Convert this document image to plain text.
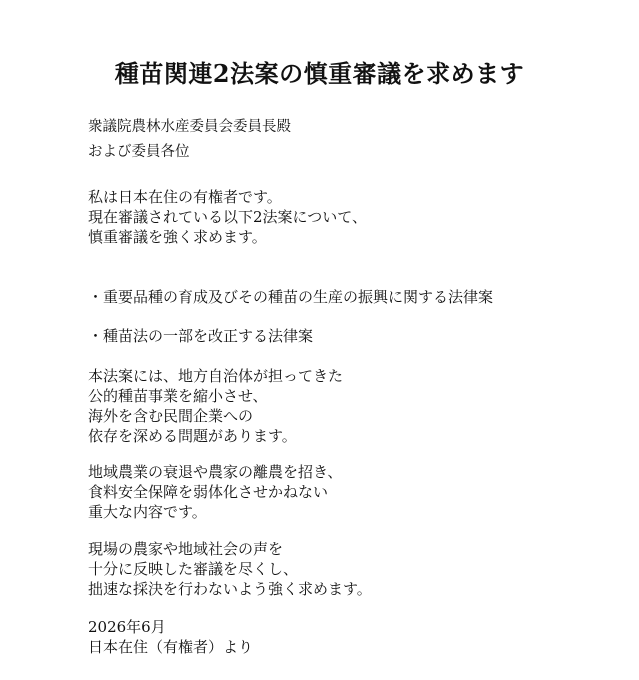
種苗関連2法案の慎重審議を求めます
衆議院農林水産委員会委員長殿
および委員各位
私は日本在住の有権者です。
現在審議されている以下2法案について、
慎重審議を強く求めます。
・重要品種の育成及びその種苗の生産の振興に関する法律案
・種苗法の一部を改正する法律案
本法案には、地方自治体が担ってきた
公的種苗事業を縮小させ、
海外を含む民間企業への
依存を深める問題があります。
地域農業の衰退や農家の離農を招き、
食料安全保障を弱体化させかねない
重大な内容です。
現場の農家や地域社会の声を
十分に反映した審議を尽くし、
拙速な採決を行わないよう強く求めます。
2026年6月
日本在住（有権者）より
